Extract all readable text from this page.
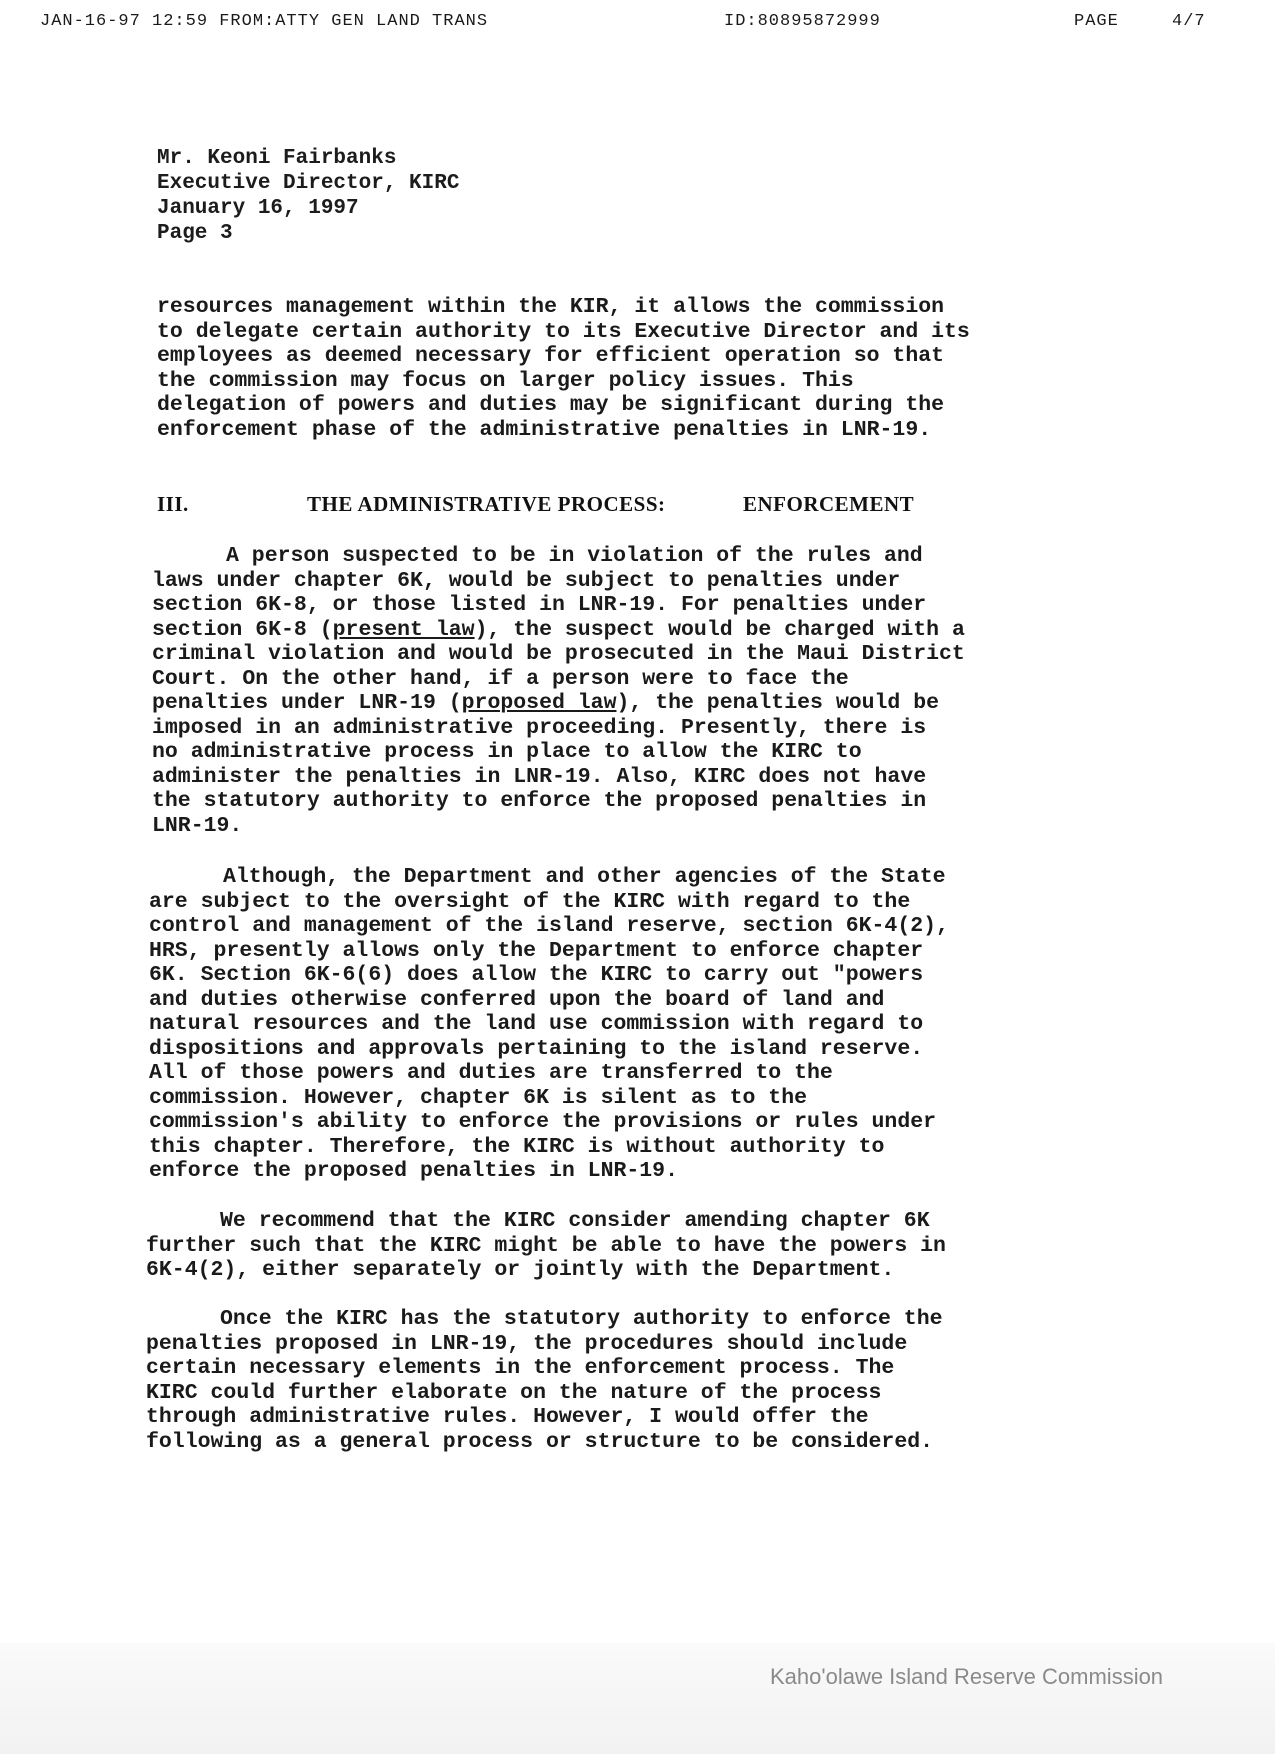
JAN-16-97 12:59 FROM:ATTY GEN LAND TRANS	ID:80895872999	PAGE	4/7
Mr. Keoni Fairbanks
Executive Director, KIRC
January 16, 1997
Page 3
resources management within the KIR, it allows the commission
to delegate certain authority to its Executive Director and its
employees as deemed necessary for efficient operation so that
the commission may focus on larger policy issues. This
delegation of powers and duties may be significant during the
enforcement phase of the administrative penalties in LNR-19.
III.	THE ADMINISTRATIVE PROCESS:	ENFORCEMENT
A person suspected to be in violation of the rules and
laws under chapter 6K, would be subject to penalties under
section 6K-8, or those listed in LNR-19. For penalties under
section 6K-8 (present law), the suspect would be charged with a
criminal violation and would be prosecuted in the Maui District
Court. On the other hand, if a person were to face the
penalties under LNR-19 (proposed law), the penalties would be
imposed in an administrative proceeding. Presently, there is
no administrative process in place to allow the KIRC to
administer the penalties in LNR-19. Also, KIRC does not have
the statutory authority to enforce the proposed penalties in
LNR-19.
Although, the Department and other agencies of the State
are subject to the oversight of the KIRC with regard to the
control and management of the island reserve, section 6K-4(2),
HRS, presently allows only the Department to enforce chapter
6K. Section 6K-6(6) does allow the KIRC to carry out "powers
and duties otherwise conferred upon the board of land and
natural resources and the land use commission with regard to
dispositions and approvals pertaining to the island reserve.
All of those powers and duties are transferred to the
commission. However, chapter 6K is silent as to the
commission's ability to enforce the provisions or rules under
this chapter. Therefore, the KIRC is without authority to
enforce the proposed penalties in LNR-19.
We recommend that the KIRC consider amending chapter 6K
further such that the KIRC might be able to have the powers in
6K-4(2), either separately or jointly with the Department.
Once the KIRC has the statutory authority to enforce the
penalties proposed in LNR-19, the procedures should include
certain necessary elements in the enforcement process. The
KIRC could further elaborate on the nature of the process
through administrative rules. However, I would offer the
following as a general process or structure to be considered.
Kaho'olawe Island Reserve Commission
